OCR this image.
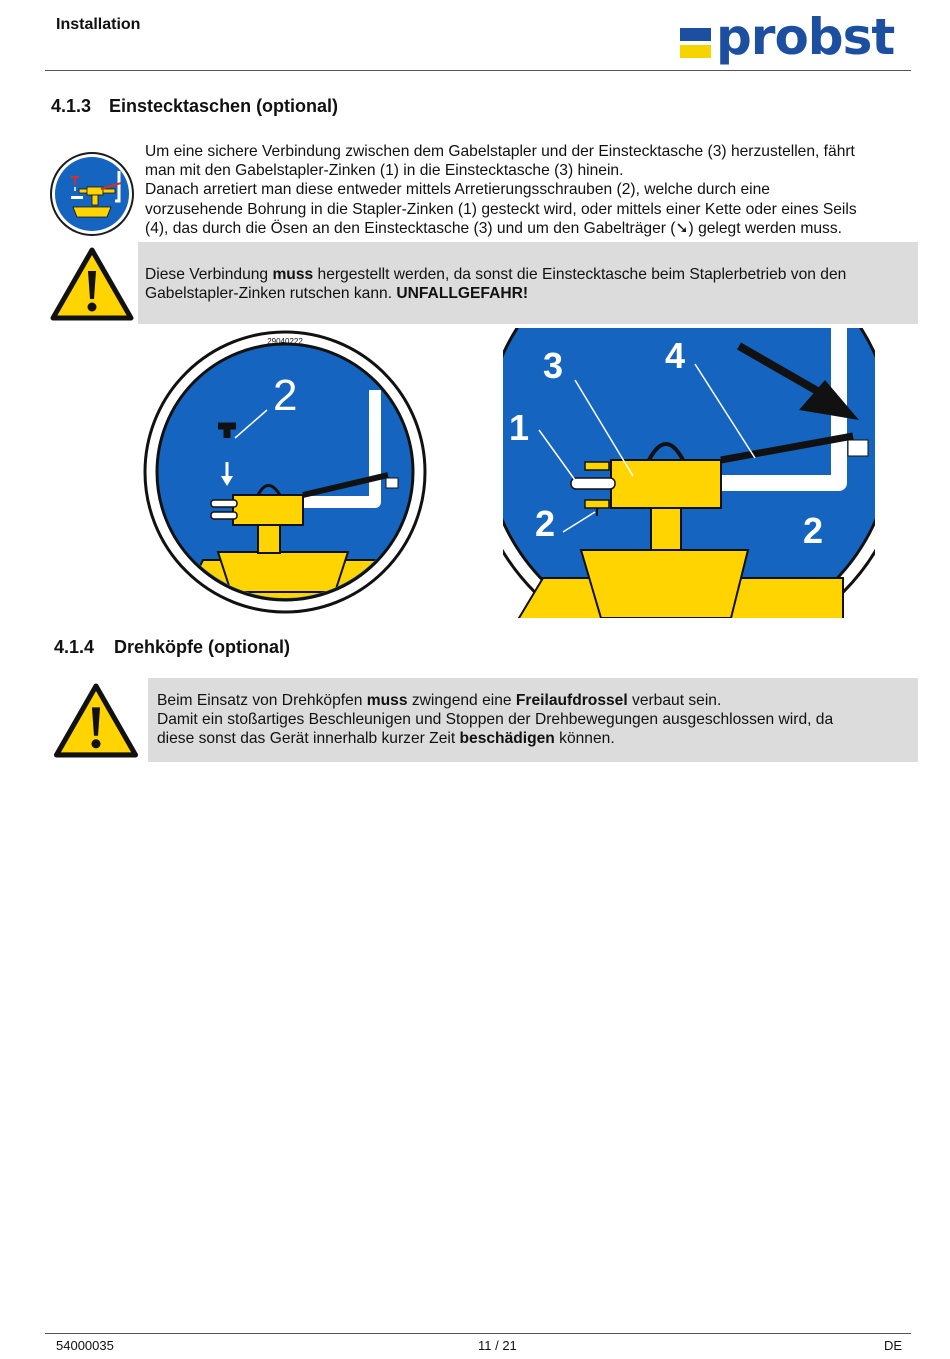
Installation	probst
4.1.3 Einstecktaschen (optional)
Um eine sichere Verbindung zwischen dem Gabelstapler und der Einstecktasche (3) herzustellen, fährt
man mit den Gabelstapler-Zinken (1) in die Einstecktasche (3) hinein.
Danach arretiert man diese entweder mittels Arretierungsschrauben (2), welche durch eine
vorzusehende Bohrung in die Stapler-Zinken (1) gesteckt wird, oder mittels einer Kette oder eines Seils
(4), das durch die Ösen an den Einstecktasche (3) und um den Gabelträger (➘) gelegt werden muss.
Diese Verbindung muss hergestellt werden, da sonst die Einstecktasche beim Staplerbetrieb von den
Gabelstapler-Zinken rutschen kann. UNFALLGEFAHR!
29040222
2
3	4
1
2	2
4.1.4 Drehköpfe (optional)
Beim Einsatz von Drehköpfen muss zwingend eine Freilaufdrossel verbaut sein.
Damit ein stoßartiges Beschleunigen und Stoppen der Drehbewegungen ausgeschlossen wird, da
diese sonst das Gerät innerhalb kurzer Zeit beschädigen können.
54000035	11 / 21	DE
